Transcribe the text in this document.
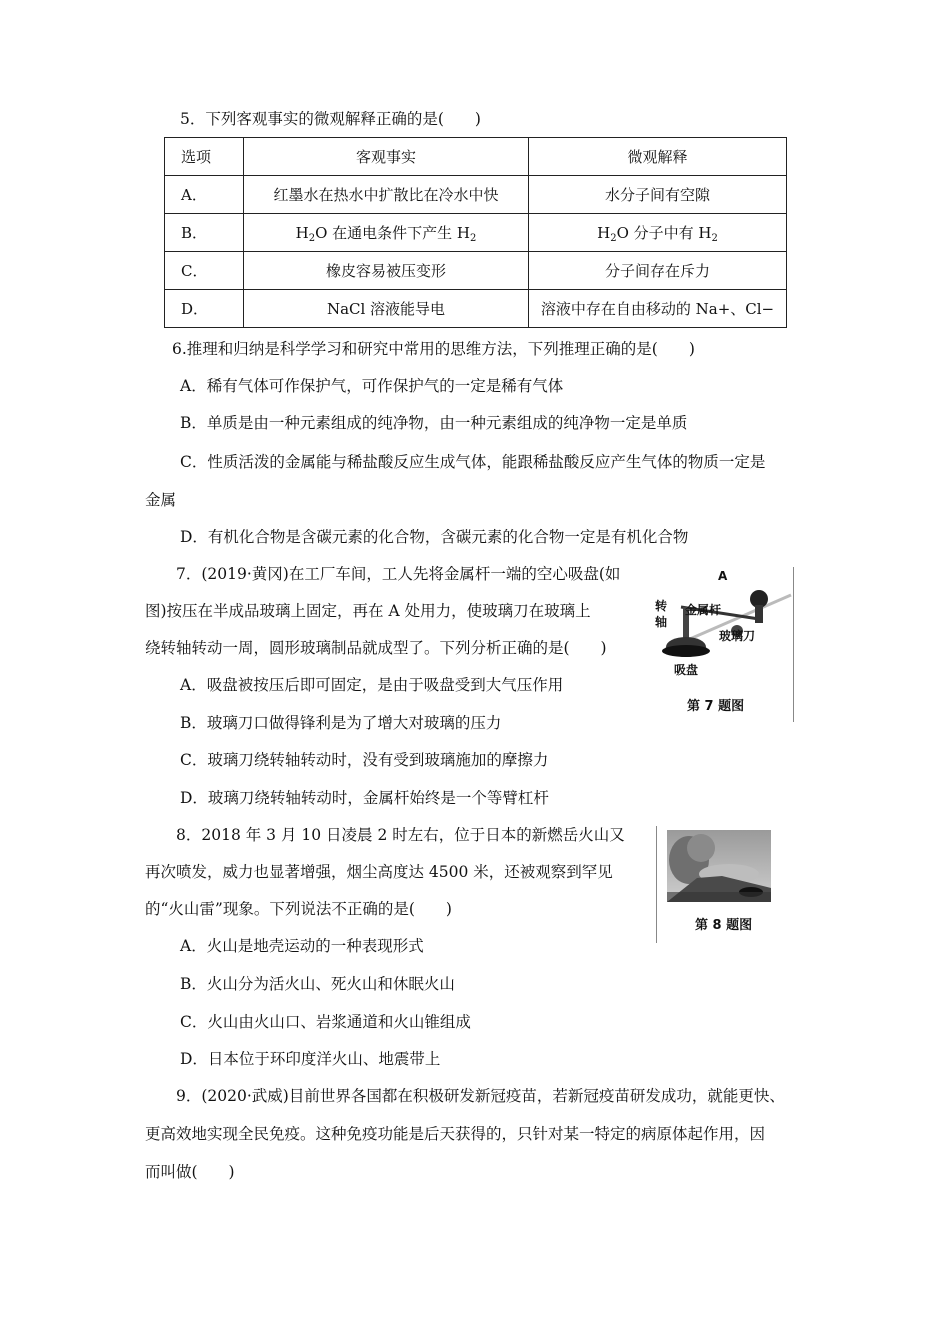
5．下列客观事实的微观解释正确的是(　　)
选项	客观事实	微观解释
A．	红墨水在热水中扩散比在冷水中快	水分子间有空隙
B．	$H_2O$ 在通电条件下产生 $H_2$	$H_2O$ 分子中有 $H_2$
C．	橡皮容易被压变形	分子间存在斥力
D．	NaCl 溶液能导电	溶液中存在自由移动的 Na+、Cl−
6.推理和归纳是科学学习和研究中常用的思维方法，下列推理正确的是(　　)
A．稀有气体可作保护气，可作保护气的一定是稀有气体
B．单质是由一种元素组成的纯净物，由一种元素组成的纯净物一定是单质
C．性质活泼的金属能与稀盐酸反应生成气体，能跟稀盐酸反应产生气体的物质一定是
金属
D．有机化合物是含碳元素的化合物，含碳元素的化合物一定是有机化合物
7．(2019·黄冈)在工厂车间，工人先将金属杆一端的空心吸盘(如
图)按压在半成品玻璃上固定，再在 A 处用力，使玻璃刀在玻璃上
绕转轴转动一周，圆形玻璃制品就成型了。下列分析正确的是(　　)
A．吸盘被按压后即可固定，是由于吸盘受到大气压作用
B．玻璃刀口做得锋利是为了增大对玻璃的压力
C．玻璃刀绕转轴转动时，没有受到玻璃施加的摩擦力
D．玻璃刀绕转轴转动时，金属杆始终是一个等臂杠杆
A
转
轴
金属杆
玻璃刀
吸盘
第 7 题图
8．2018 年 3 月 10 日凌晨 2 时左右，位于日本的新燃岳火山又
再次喷发，威力也显著增强，烟尘高度达 4500 米，还被观察到罕见
的“火山雷”现象。下列说法不正确的是(　　)
A．火山是地壳运动的一种表现形式
B．火山分为活火山、死火山和休眠火山
C．火山由火山口、岩浆通道和火山锥组成
D．日本位于环印度洋火山、地震带上
第 8 题图
9．(2020·武威)目前世界各国都在积极研发新冠疫苗，若新冠疫苗研发成功，就能更快、
更高效地实现全民免疫。这种免疫功能是后天获得的，只针对某一特定的病原体起作用，因
而叫做(　　)
